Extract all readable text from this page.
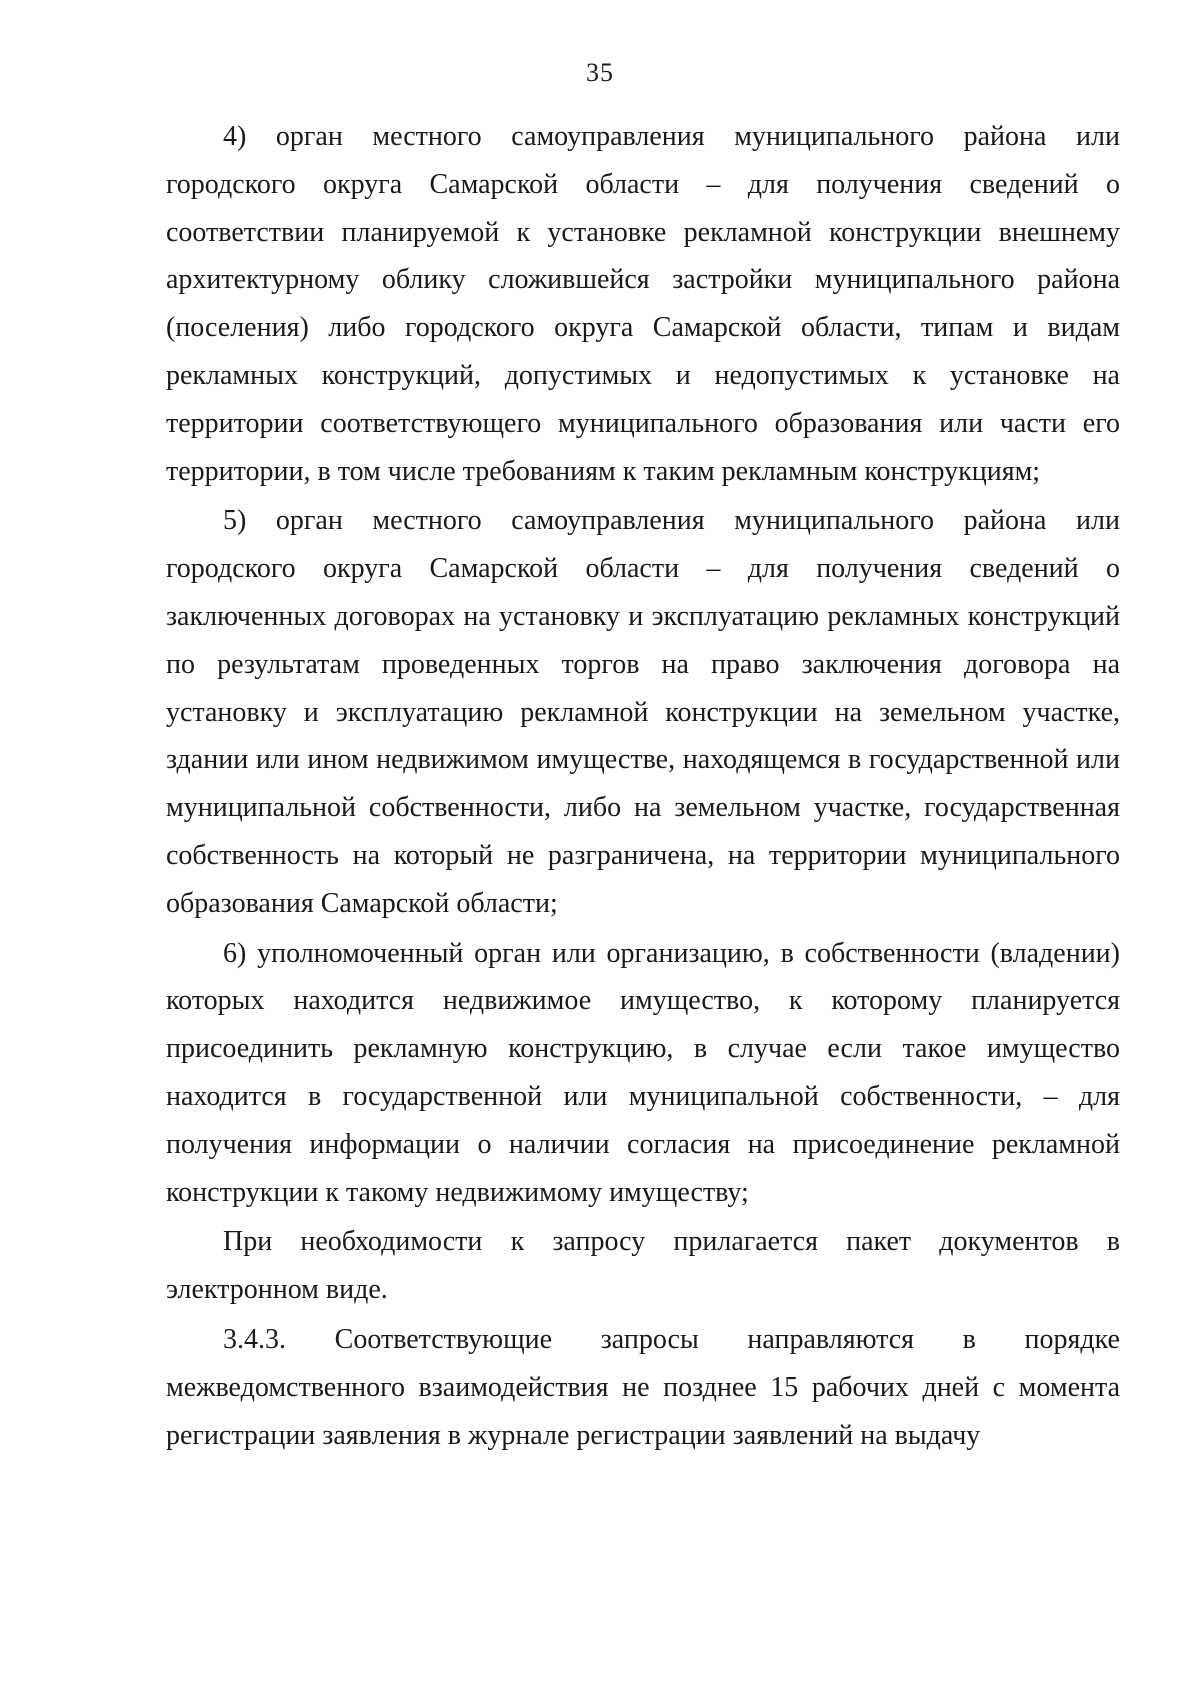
35

4) орган местного самоуправления муниципального района или городского округа Самарской области – для получения сведений о соответствии планируемой к установке рекламной конструкции внешнему архитектурному облику сложившейся застройки муниципального района (поселения) либо городского округа Самарской области, типам и видам рекламных конструкций, допустимых и недопустимых к установке на территории соответствующего муниципального образования или части его территории, в том числе требованиям к таким рекламным конструкциям;

5) орган местного самоуправления муниципального района или городского округа Самарской области – для получения сведений о заключенных договорах на установку и эксплуатацию рекламных конструкций по результатам проведенных торгов на право заключения договора на установку и эксплуатацию рекламной конструкции на земельном участке, здании или ином недвижимом имуществе, находящемся в государственной или муниципальной собственности, либо на земельном участке, государственная собственность на который не разграничена, на территории муниципального образования Самарской области;

6) уполномоченный орган или организацию, в собственности (владении) которых находится недвижимое имущество, к которому планируется присоединить рекламную конструкцию, в случае если такое имущество находится в государственной или муниципальной собственности, – для получения информации о наличии согласия на присоединение рекламной конструкции к такому недвижимому имуществу;

При необходимости к запросу прилагается пакет документов в электронном виде.

3.4.3. Соответствующие запросы направляются в порядке межведомственного взаимодействия не позднее 15 рабочих дней с момента регистрации заявления в журнале регистрации заявлений на выдачу
